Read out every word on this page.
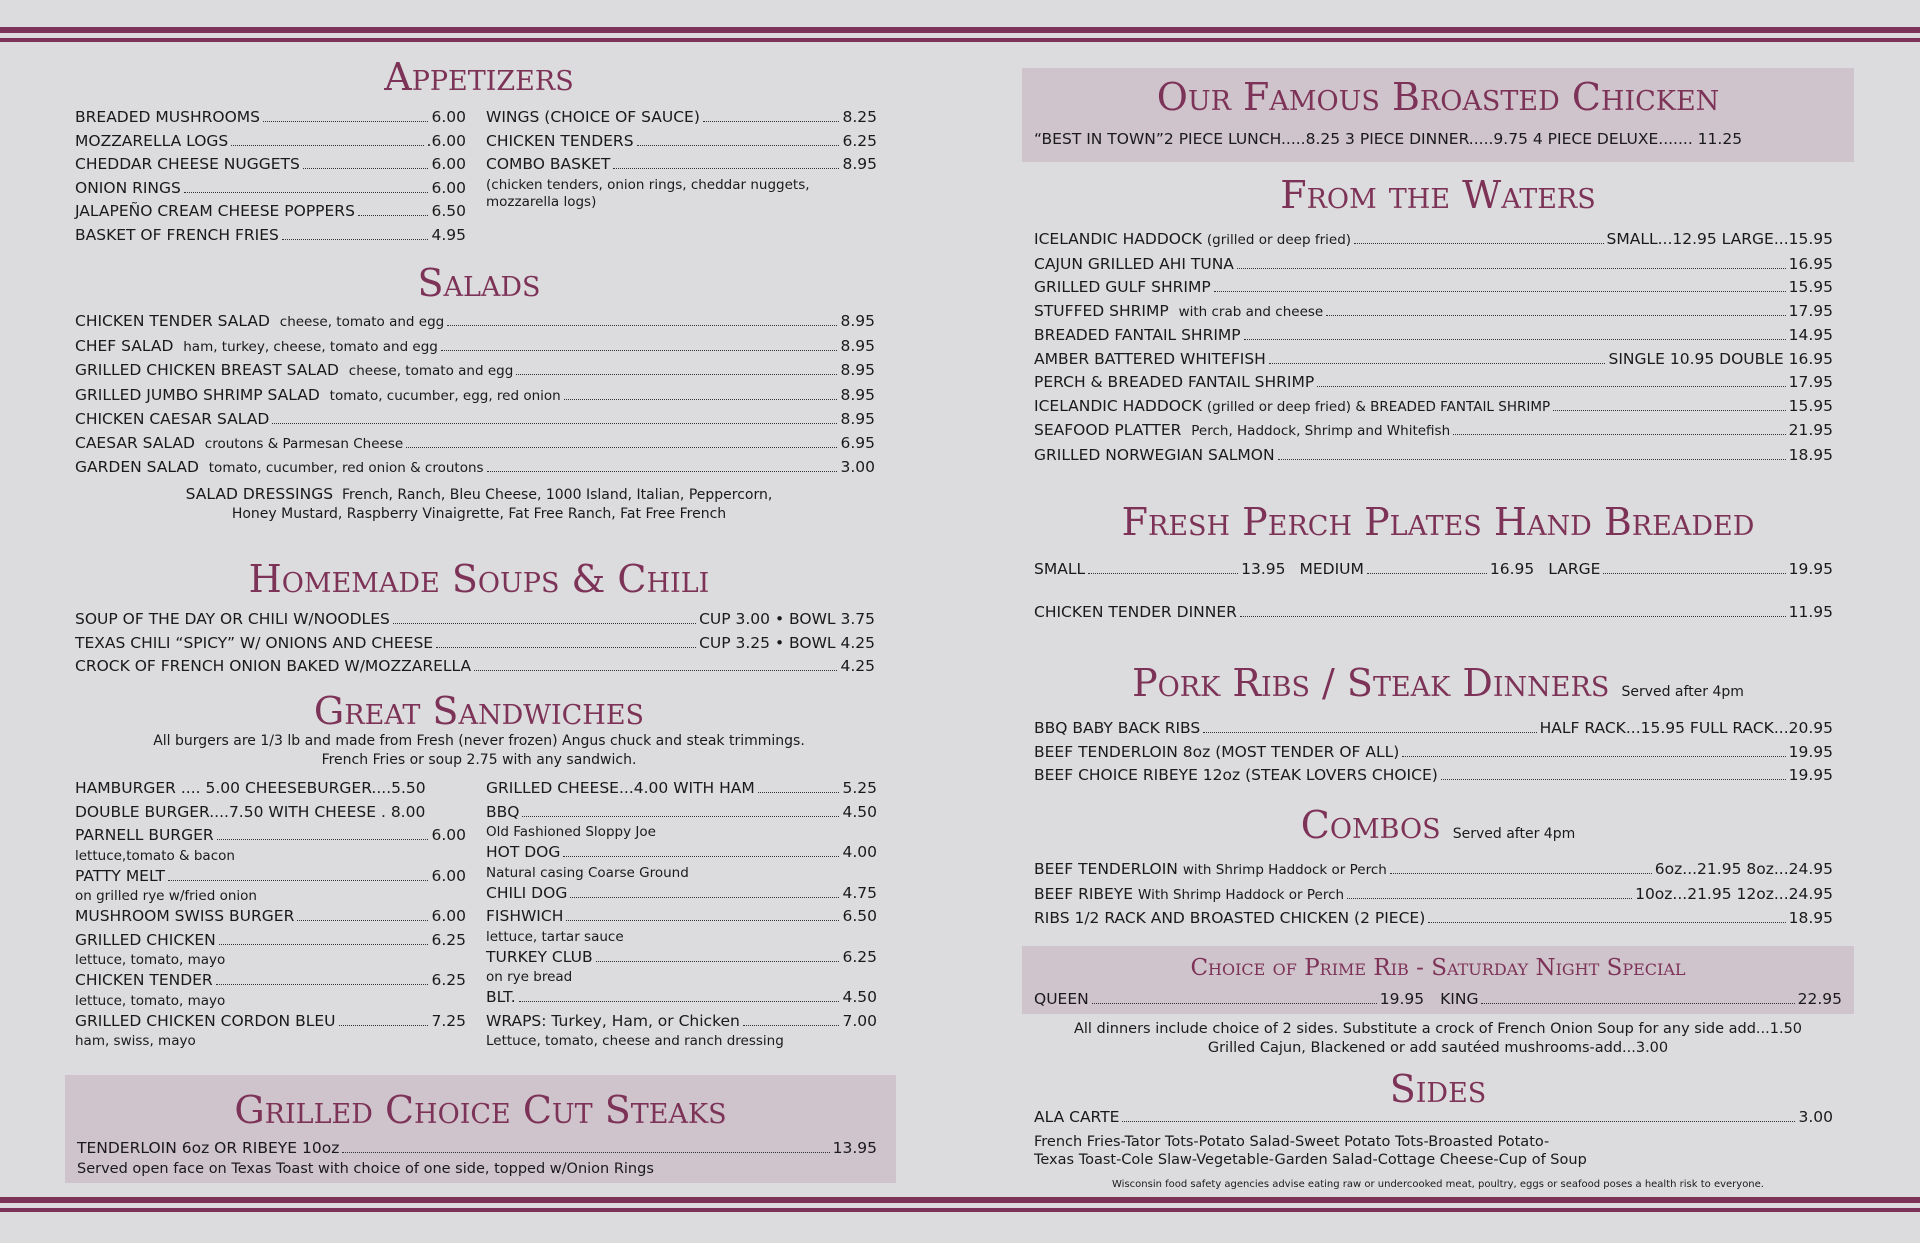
Appetizers
BREADED MUSHROOMS	6.00
MOZZARELLA LOGS	.6.00
CHEDDAR CHEESE NUGGETS	6.00
ONION RINGS	6.00
JALAPEÑO CREAM CHEESE POPPERS	6.50
BASKET OF FRENCH FRIES	4.95
WINGS (CHOICE OF SAUCE)	8.25
CHICKEN TENDERS	6.25
COMBO BASKET	8.95
(chicken tenders, onion rings, cheddar nuggets,
mozzarella logs)
Salads
CHICKEN TENDER SALAD
cheese, tomato and egg	8.95
CHEF SALAD
ham, turkey, cheese, tomato and egg	8.95
GRILLED CHICKEN BREAST SALAD
cheese, tomato and egg	8.95
GRILLED JUMBO SHRIMP SALAD
tomato, cucumber, egg, red onion	8.95
CHICKEN CAESAR SALAD	8.95
CAESAR SALAD
croutons & Parmesan Cheese	6.95
GARDEN SALAD
tomato, cucumber, red onion & croutons	3.00
SALAD DRESSINGS French, Ranch, Bleu Cheese, 1000 Island, Italian, Peppercorn,
Honey Mustard, Raspberry Vinaigrette, Fat Free Ranch, Fat Free French
Homemade Soups & Chili
SOUP OF THE DAY OR CHILI W/NOODLES	CUP 3.00 • BOWL 3.75
TEXAS CHILI “SPICY” W/ ONIONS AND CHEESE	CUP 3.25 • BOWL 4.25
CROCK OF FRENCH ONION BAKED W/MOZZARELLA	4.25
Great Sandwiches
All burgers are 1/3 lb and made from Fresh (never frozen) Angus chuck and steak trimmings.
French Fries or soup 2.75 with any sandwich.
HAMBURGER .... 5.00 CHEESEBURGER....5.50
DOUBLE BURGER....7.50 WITH CHEESE . 8.00
PARNELL BURGER	6.00
lettuce,tomato & bacon
PATTY MELT	6.00
on grilled rye w/fried onion
MUSHROOM SWISS BURGER	6.00
GRILLED CHICKEN	6.25
lettuce, tomato, mayo
CHICKEN TENDER	6.25
lettuce, tomato, mayo
GRILLED CHICKEN CORDON BLEU	7.25
ham, swiss, mayo
GRILLED CHEESE...4.00 WITH HAM	5.25
BBQ	4.50
Old Fashioned Sloppy Joe
HOT DOG	4.00
Natural casing Coarse Ground
CHILI DOG	4.75
FISHWICH	6.50
lettuce, tartar sauce
TURKEY CLUB	6.25
on rye bread
BLT.	4.50
WRAPS: Turkey, Ham, or Chicken	7.00
Lettuce, tomato, cheese and ranch dressing
Grilled Choice Cut Steaks
TENDERLOIN 6oz OR RIBEYE 10oz	13.95
Served open face on Texas Toast with choice of one side, topped w/Onion Rings
Our Famous Broasted Chicken
“BEST IN TOWN”2 PIECE LUNCH.....8.25 3 PIECE DINNER.....9.75 4 PIECE DELUXE....... 11.25
From the Waters
ICELANDIC HADDOCK
(grilled or deep fried)	SMALL...12.95 LARGE...15.95
CAJUN GRILLED AHI TUNA	16.95
GRILLED GULF SHRIMP	15.95
STUFFED SHRIMP
with crab and cheese	17.95
BREADED FANTAIL SHRIMP	14.95
AMBER BATTERED WHITEFISH	SINGLE 10.95 DOUBLE 16.95
PERCH & BREADED FANTAIL SHRIMP	17.95
ICELANDIC HADDOCK
(grilled or deep fried) & BREADED FANTAIL SHRIMP	15.95
SEAFOOD PLATTER
Perch, Haddock, Shrimp and Whitefish	21.95
GRILLED NORWEGIAN SALMON	18.95
Fresh Perch Plates Hand Breaded
SMALL	13.95 MEDIUM	16.95 LARGE	19.95
CHICKEN TENDER DINNER	11.95
Pork Ribs / Steak Dinners Served after 4pm
BBQ BABY BACK RIBS	HALF RACK...15.95 FULL RACK...20.95
BEEF TENDERLOIN 8oz (MOST TENDER OF ALL)	19.95
BEEF CHOICE RIBEYE 12oz (STEAK LOVERS CHOICE)	19.95
Combos Served after 4pm
BEEF TENDERLOIN
with Shrimp Haddock or Perch	6oz...21.95 8oz...24.95
BEEF RIBEYE
With Shrimp Haddock or Perch	10oz...21.95 12oz...24.95
RIBS 1/2 RACK AND BROASTED CHICKEN (2 PIECE)	18.95
Choice of Prime Rib - Saturday Night Special
QUEEN	19.95 KING	22.95
All dinners include choice of 2 sides. Substitute a crock of French Onion Soup for any side add...1.50
Grilled Cajun, Blackened or add sautéed mushrooms-add...3.00
Sides
ALA CARTE	3.00
French Fries-Tator Tots-Potato Salad-Sweet Potato Tots-Broasted Potato-
Texas Toast-Cole Slaw-Vegetable-Garden Salad-Cottage Cheese-Cup of Soup
Wisconsin food safety agencies advise eating raw or undercooked meat, poultry, eggs or seafood poses a health risk to everyone.
